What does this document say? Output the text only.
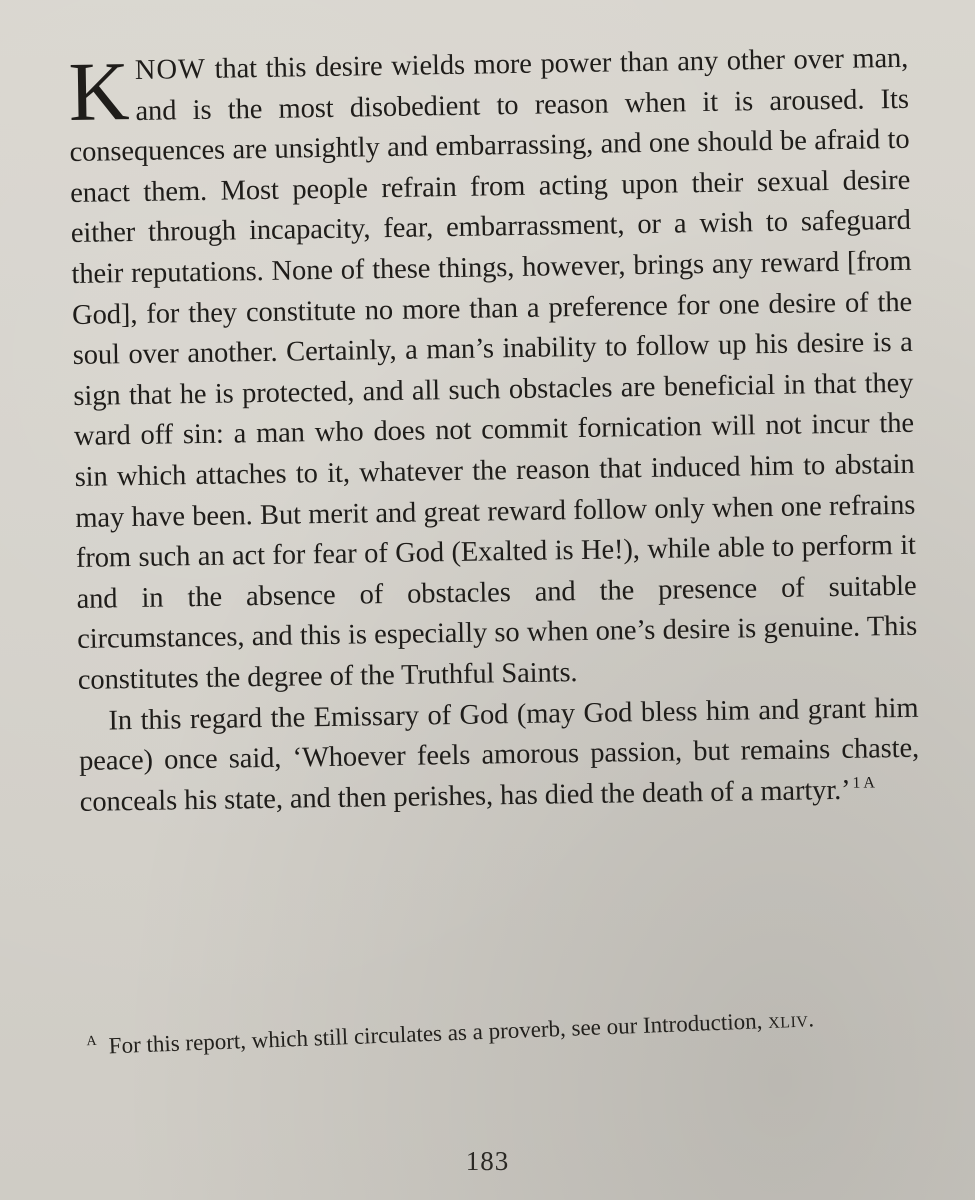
KNOW that this desire wields more power than any other over man, and is the most disobedient to reason when it is aroused. Its consequences are unsightly and embarrassing, and one should be afraid to enact them. Most people refrain from acting upon their sexual desire either through incapacity, fear, embarrassment, or a wish to safeguard their reputations. None of these things, however, brings any reward [from God], for they constitute no more than a preference for one desire of the soul over another. Certainly, a man’s inability to follow up his desire is a sign that he is protected, and all such obstacles are beneficial in that they ward off sin: a man who does not commit fornication will not incur the sin which attaches to it, whatever the reason that induced him to abstain may have been. But merit and great reward follow only when one refrains from such an act for fear of God (Exalted is He!), while able to perform it and in the absence of obstacles and the presence of suitable circumstances, and this is especially so when one’s desire is genuine. This constitutes the degree of the Truthful Saints.

In this regard the Emissary of God (may God bless him and grant him peace) once said, ‘Whoever feels amorous passion, but remains chaste, conceals his state, and then perishes, has died the death of a martyr.’$^{1 A}$

$^A$ For this report, which still circulates as a proverb, see our Introduction, xliv.
183
